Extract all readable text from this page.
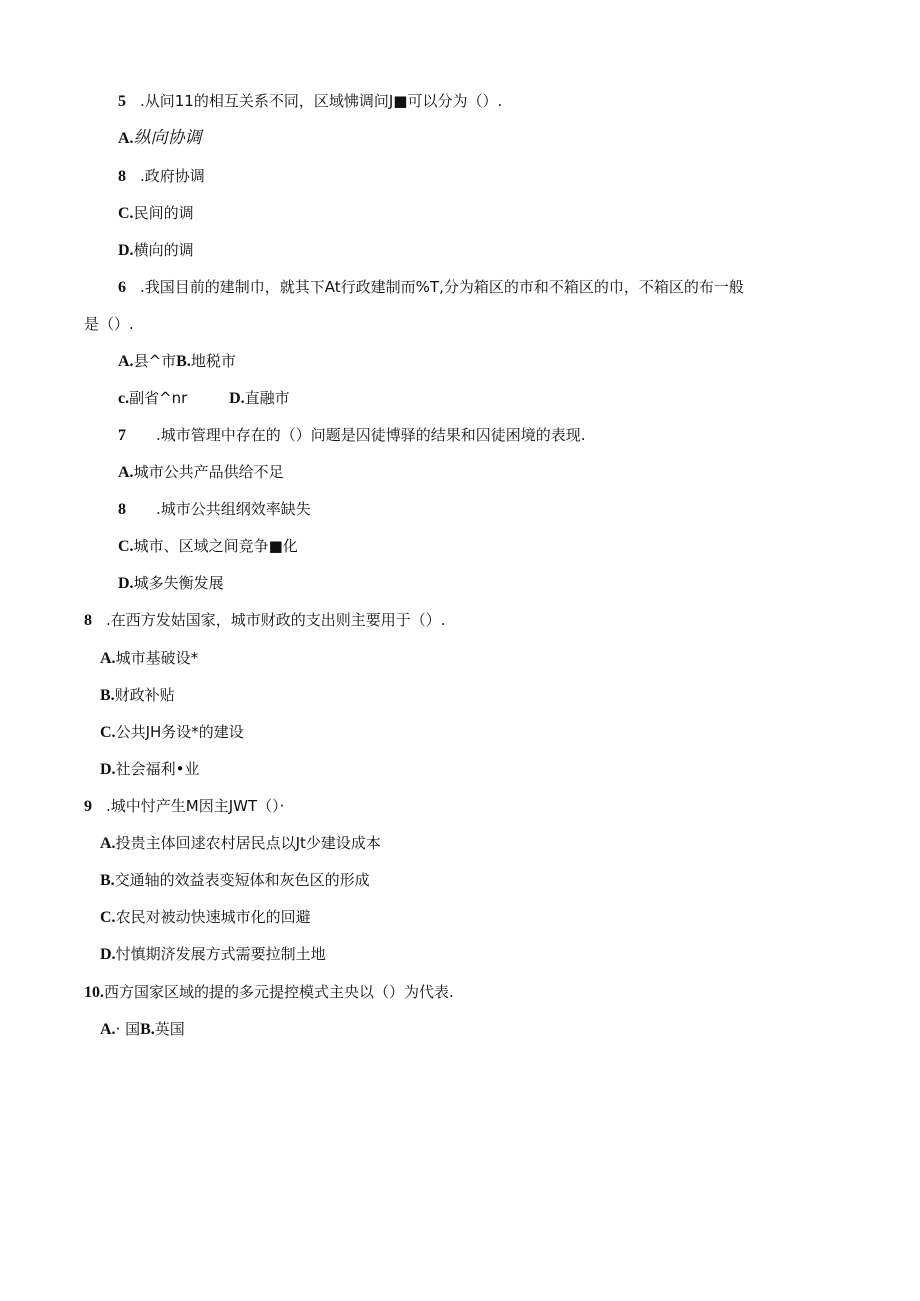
5 .从问11的相互关系不同，区域怫调问J■可以分为（）.
A.纵向协调
8 .政府协调
C.民间的调
D.横向的调
6 .我国目前的建制巾，就其下At行政建制而%T,分为箱区的市和不箱区的巾，不箱区的布一般
是（）.
A.县^市B.地税市
c.副省^nr	D.直融市
7 .城市管理中存在的（）问题是囚徒博驿的结果和囚徒困境的表现.
A.城市公共产品供给不足
8 .城市公共组纲效率缺失
C.城市、区域之间竞争■化
D.城多失衡发展
8 .在西方发姑国家，城市财政的支出则主要用于（）.
A.城市基破设*
B.财政补贴
C.公共JH务设*的建设
D.社会福利•业
9 .城中忖产生M因主JWT（）·
A.投贵主体回逑农村居民点以Jt少建设成本
B.交通轴的效益表变短体和灰色区的形成
C.农民对被动快速城市化的回避
D.忖慎期济发展方式需要拉制土地
10.西方国家区域的提的多元提控模式主央以（）为代表.
A.· 国B.英国
